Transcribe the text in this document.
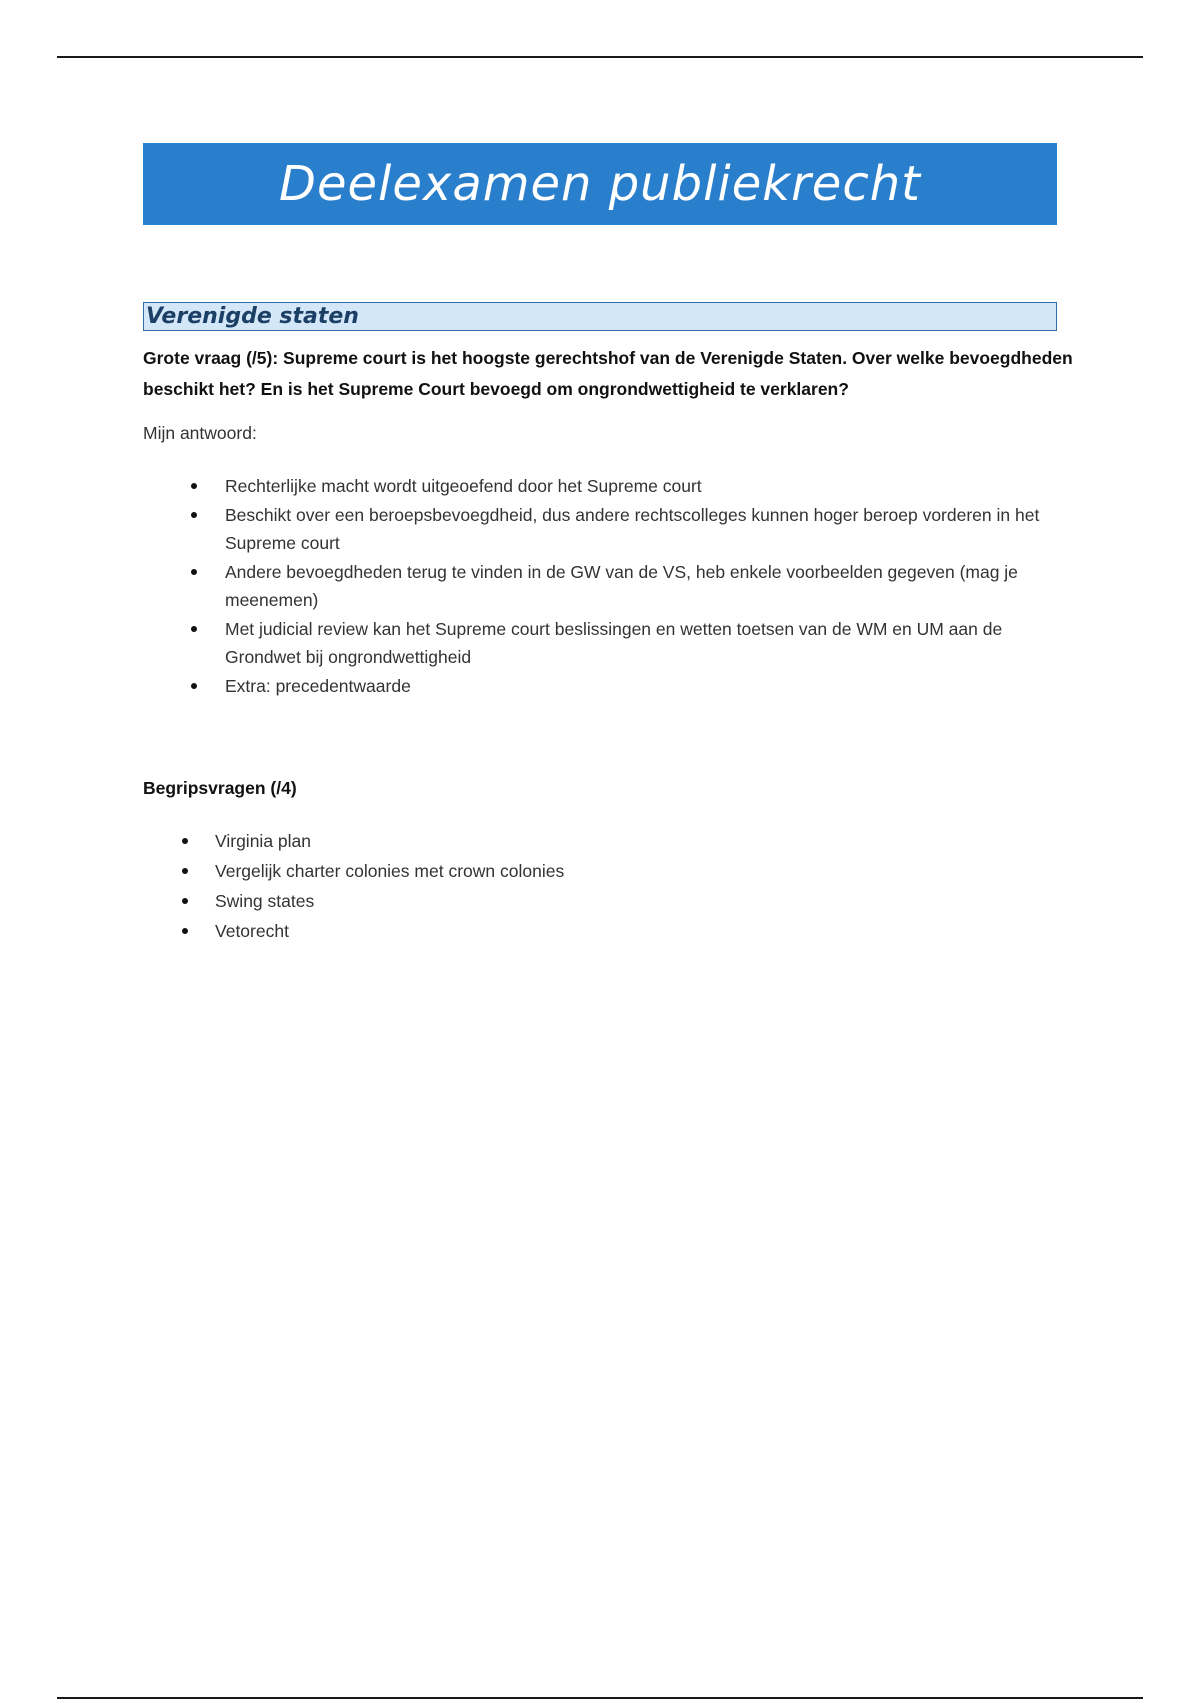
Deelexamen publiekrecht
Verenigde staten
Grote vraag (/5): Supreme court is het hoogste gerechtshof van de Verenigde Staten. Over welke bevoegdheden beschikt het? En is het Supreme Court bevoegd om ongrondwettigheid te verklaren?
Mijn antwoord:
Rechterlijke macht wordt uitgeoefend door het Supreme court
Beschikt over een beroepsbevoegdheid, dus andere rechtscolleges kunnen hoger beroep vorderen in het Supreme court
Andere bevoegdheden terug te vinden in de GW van de VS, heb enkele voorbeelden gegeven (mag je meenemen)
Met judicial review kan het Supreme court beslissingen en wetten toetsen van de WM en UM aan de Grondwet bij ongrondwettigheid
Extra: precedentwaarde
Begripsvragen (/4)
Virginia plan
Vergelijk charter colonies met crown colonies
Swing states
Vetorecht
